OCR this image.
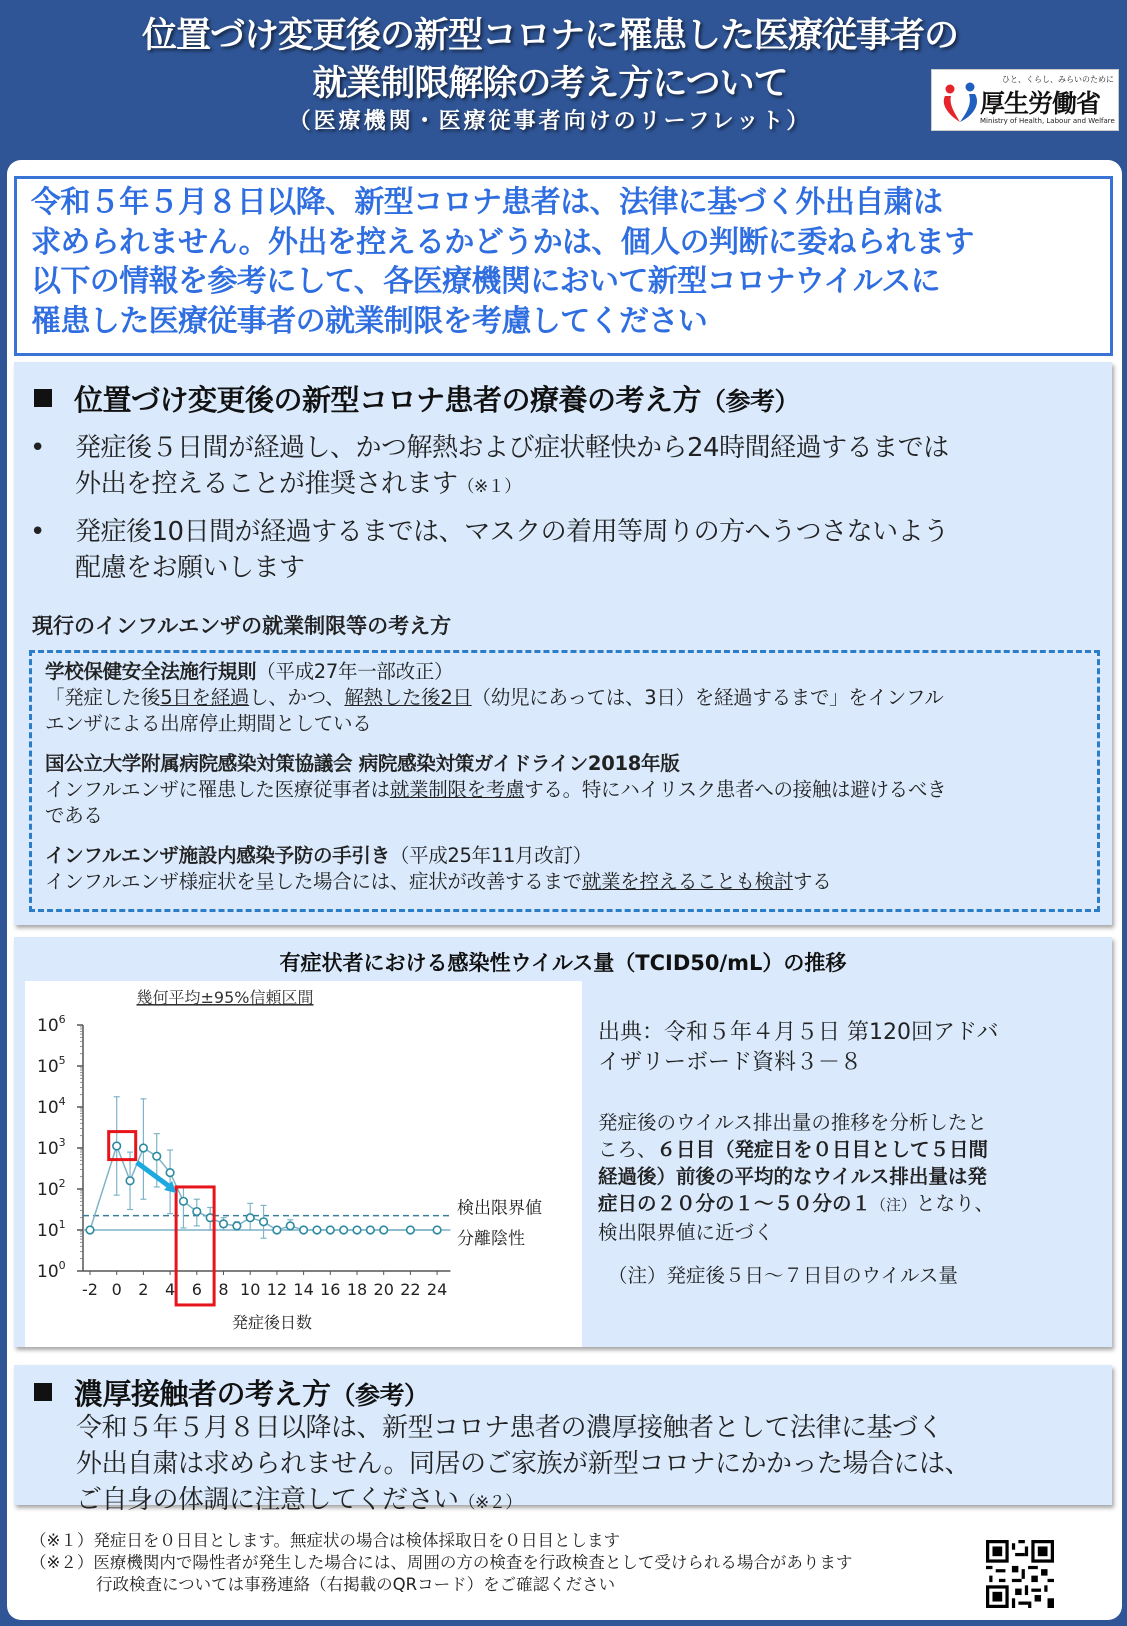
位置づけ変更後の新型コロナに罹患した医療従事者の
就業制限解除の考え方について
（医療機関・医療従事者向けのリーフレット）
ひと、くらし、みらいのために
厚生労働省
Ministry of Health, Labour and Welfare

令和５年５月８日以降、新型コロナ患者は、法律に基づく外出自粛は

求められません。外出を控えるかどうかは、個人の判断に委ねられます

以下の情報を参考にして、各医療機関において新型コロナウイルスに

罹患した医療従事者の就業制限を考慮してください

位置づけ変更後の新型コロナ患者の療養の考え方（参考）
• 発症後５日間が経過し、かつ解熱および症状軽快から24時間経過するまでは
外出を控えることが推奨されます（※１）
• 発症後10日間が経過するまでは、マスクの着用等周りの方へうつさないよう
配慮をお願いします
現行のインフルエンザの就業制限等の考え方
学校保健安全法施行規則（平成27年一部改正）
「発症した後5日を経過し、かつ、解熱した後2日（幼児にあっては、3日）を経過するまで」をインフル
エンザによる出席停止期間としている
国公立大学附属病院感染対策協議会 病院感染対策ガイドライン2018年版
インフルエンザに罹患した医療従事者は就業制限を考慮する。特にハイリスク患者への接触は避けるべき
である
インフルエンザ施設内感染予防の手引き（平成25年11月改訂）
インフルエンザ様症状を呈した場合には、症状が改善するまで就業を控えることも検討する
有症状者における感染性ウイルス量（TCID50/mL）の推移
幾何平均±95%信頼区間
$10^0$
$10^1$
$10^2$
$10^3$
$10^4$
$10^5$
$10^6$
-2 0 2 4 6 8 10 12 14 16 18 20 22 24
発症後日数
検出限界値
分離陰性
出典：令和５年４月５日 第120回アドバ
イザリーボード資料３－８
発症後のウイルス排出量の推移を分析したと
ころ、６日目（発症日を０日目として５日間
経過後）前後の平均的なウイルス排出量は発
症日の２０分の１～５０分の１（注）となり、
検出限界値に近づく
（注）発症後５日～７日目のウイルス量
濃厚接触者の考え方（参考）
令和５年５月８日以降は、新型コロナ患者の濃厚接触者として法律に基づく
外出自粛は求められません。同居のご家族が新型コロナにかかった場合には、
ご自身の体調に注意してください（※２）
（※１）発症日を０日目とします。無症状の場合は検体採取日を０日目とします
（※２）医療機関内で陽性者が発生した場合には、周囲の方の検査を行政検査として受けられる場合があります
　　　　行政検査については事務連絡（右掲載のQRコード）をご確認ください
